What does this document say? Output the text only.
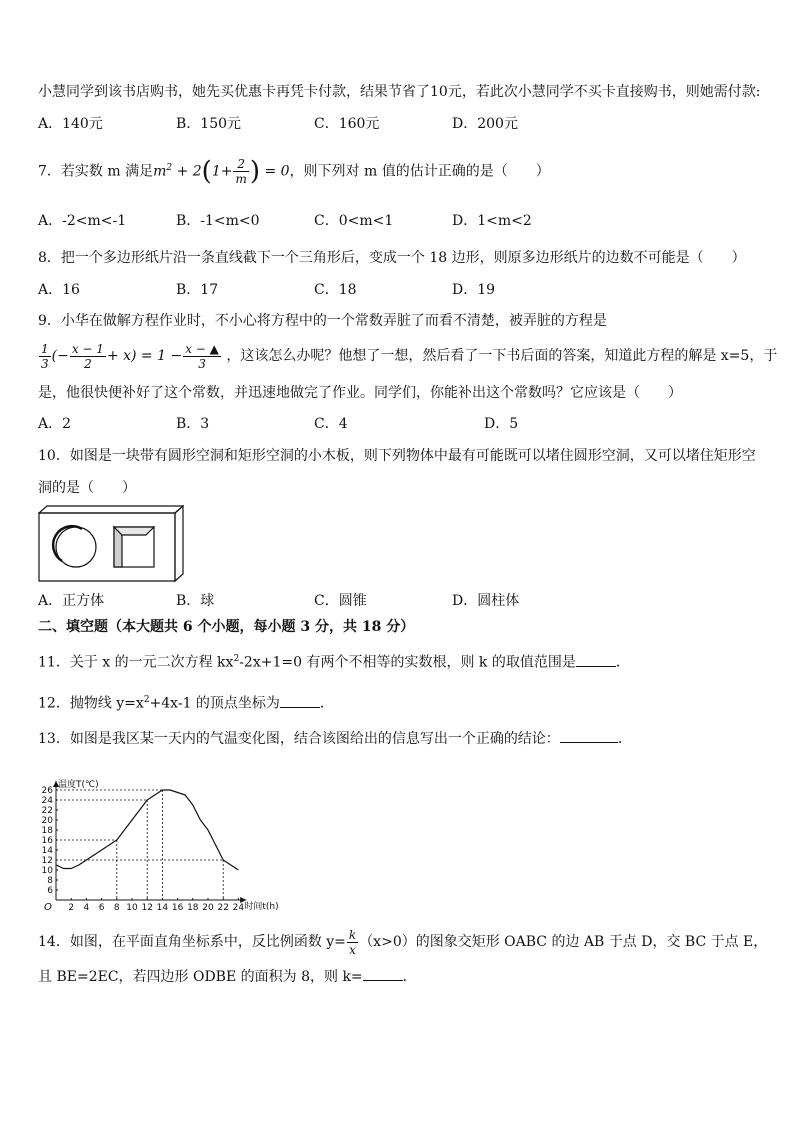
小慧同学到该书店购书，她先买优惠卡再凭卡付款，结果节省了10元，若此次小慧同学不买卡直接购书，则她需付款:
A．140元	B．150元	C．160元	D．200元
7．若实数 m 满足$m^2 + 2(1+ \frac{2}{m}$ ) = 0，则下列对 m 值的估计正确的是（　　）
A．-2<m<-1	B．-1<m<0	C．0<m<1	D．1<m<2
8．把一个多边形纸片沿一条直线截下一个三角形后，变成一个 18 边形，则原多边形纸片的边数不可能是（　　）
A．16	B．17	C．18	D．19
9．小华在做解方程作业时，不小心将方程中的一个常数弄脏了而看不清楚，被弄脏的方程是
$\frac{1}{3}$ (− $\frac{x - 1}{2} + x) = 1 - \frac{x - ▲}{3}$ ，这该怎么办呢？他想了一想，然后看了一下书后面的答案，知道此方程的解是 x=5，于
是，他很快便补好了这个常数，并迅速地做完了作业。同学们，你能补出这个常数吗？它应该是（　　）
A．2	B．3	C．4	D．5
10．如图是一块带有圆形空洞和矩形空洞的小木板，则下列物体中最有可能既可以堵住圆形空洞，又可以堵住矩形空
洞的是（　　）
A．正方体	B．球	C．圆锥	D．圆柱体
二、填空题（本大题共 6 个小题，每小题 3 分，共 18 分）
11．关于 x 的一元二次方程 $kx^2-2x+1=0$ 有两个不相等的实数根，则 k 的取值范围是	．
12．抛物线 $y=x^2+4x-1$ 的顶点坐标为	．
13．如图是我区某一天内的气温变化图，结合该图给出的信息写出一个正确的结论：	．
温度T(℃)
时间t(h)
O 2 4 6 8 10 12 14 16 18 20 22 24
6
8
10
12
14
16
18
20
22
24
26
14．如图，在平面直角坐标系中，反比例函数 $y= \frac{k}{x} (x>0)$的图象交矩形 OABC 的边 AB 于点 D，交 BC 于点 E，
且 BE=2EC，若四边形 ODBE 的面积为 8，则 k=	．
